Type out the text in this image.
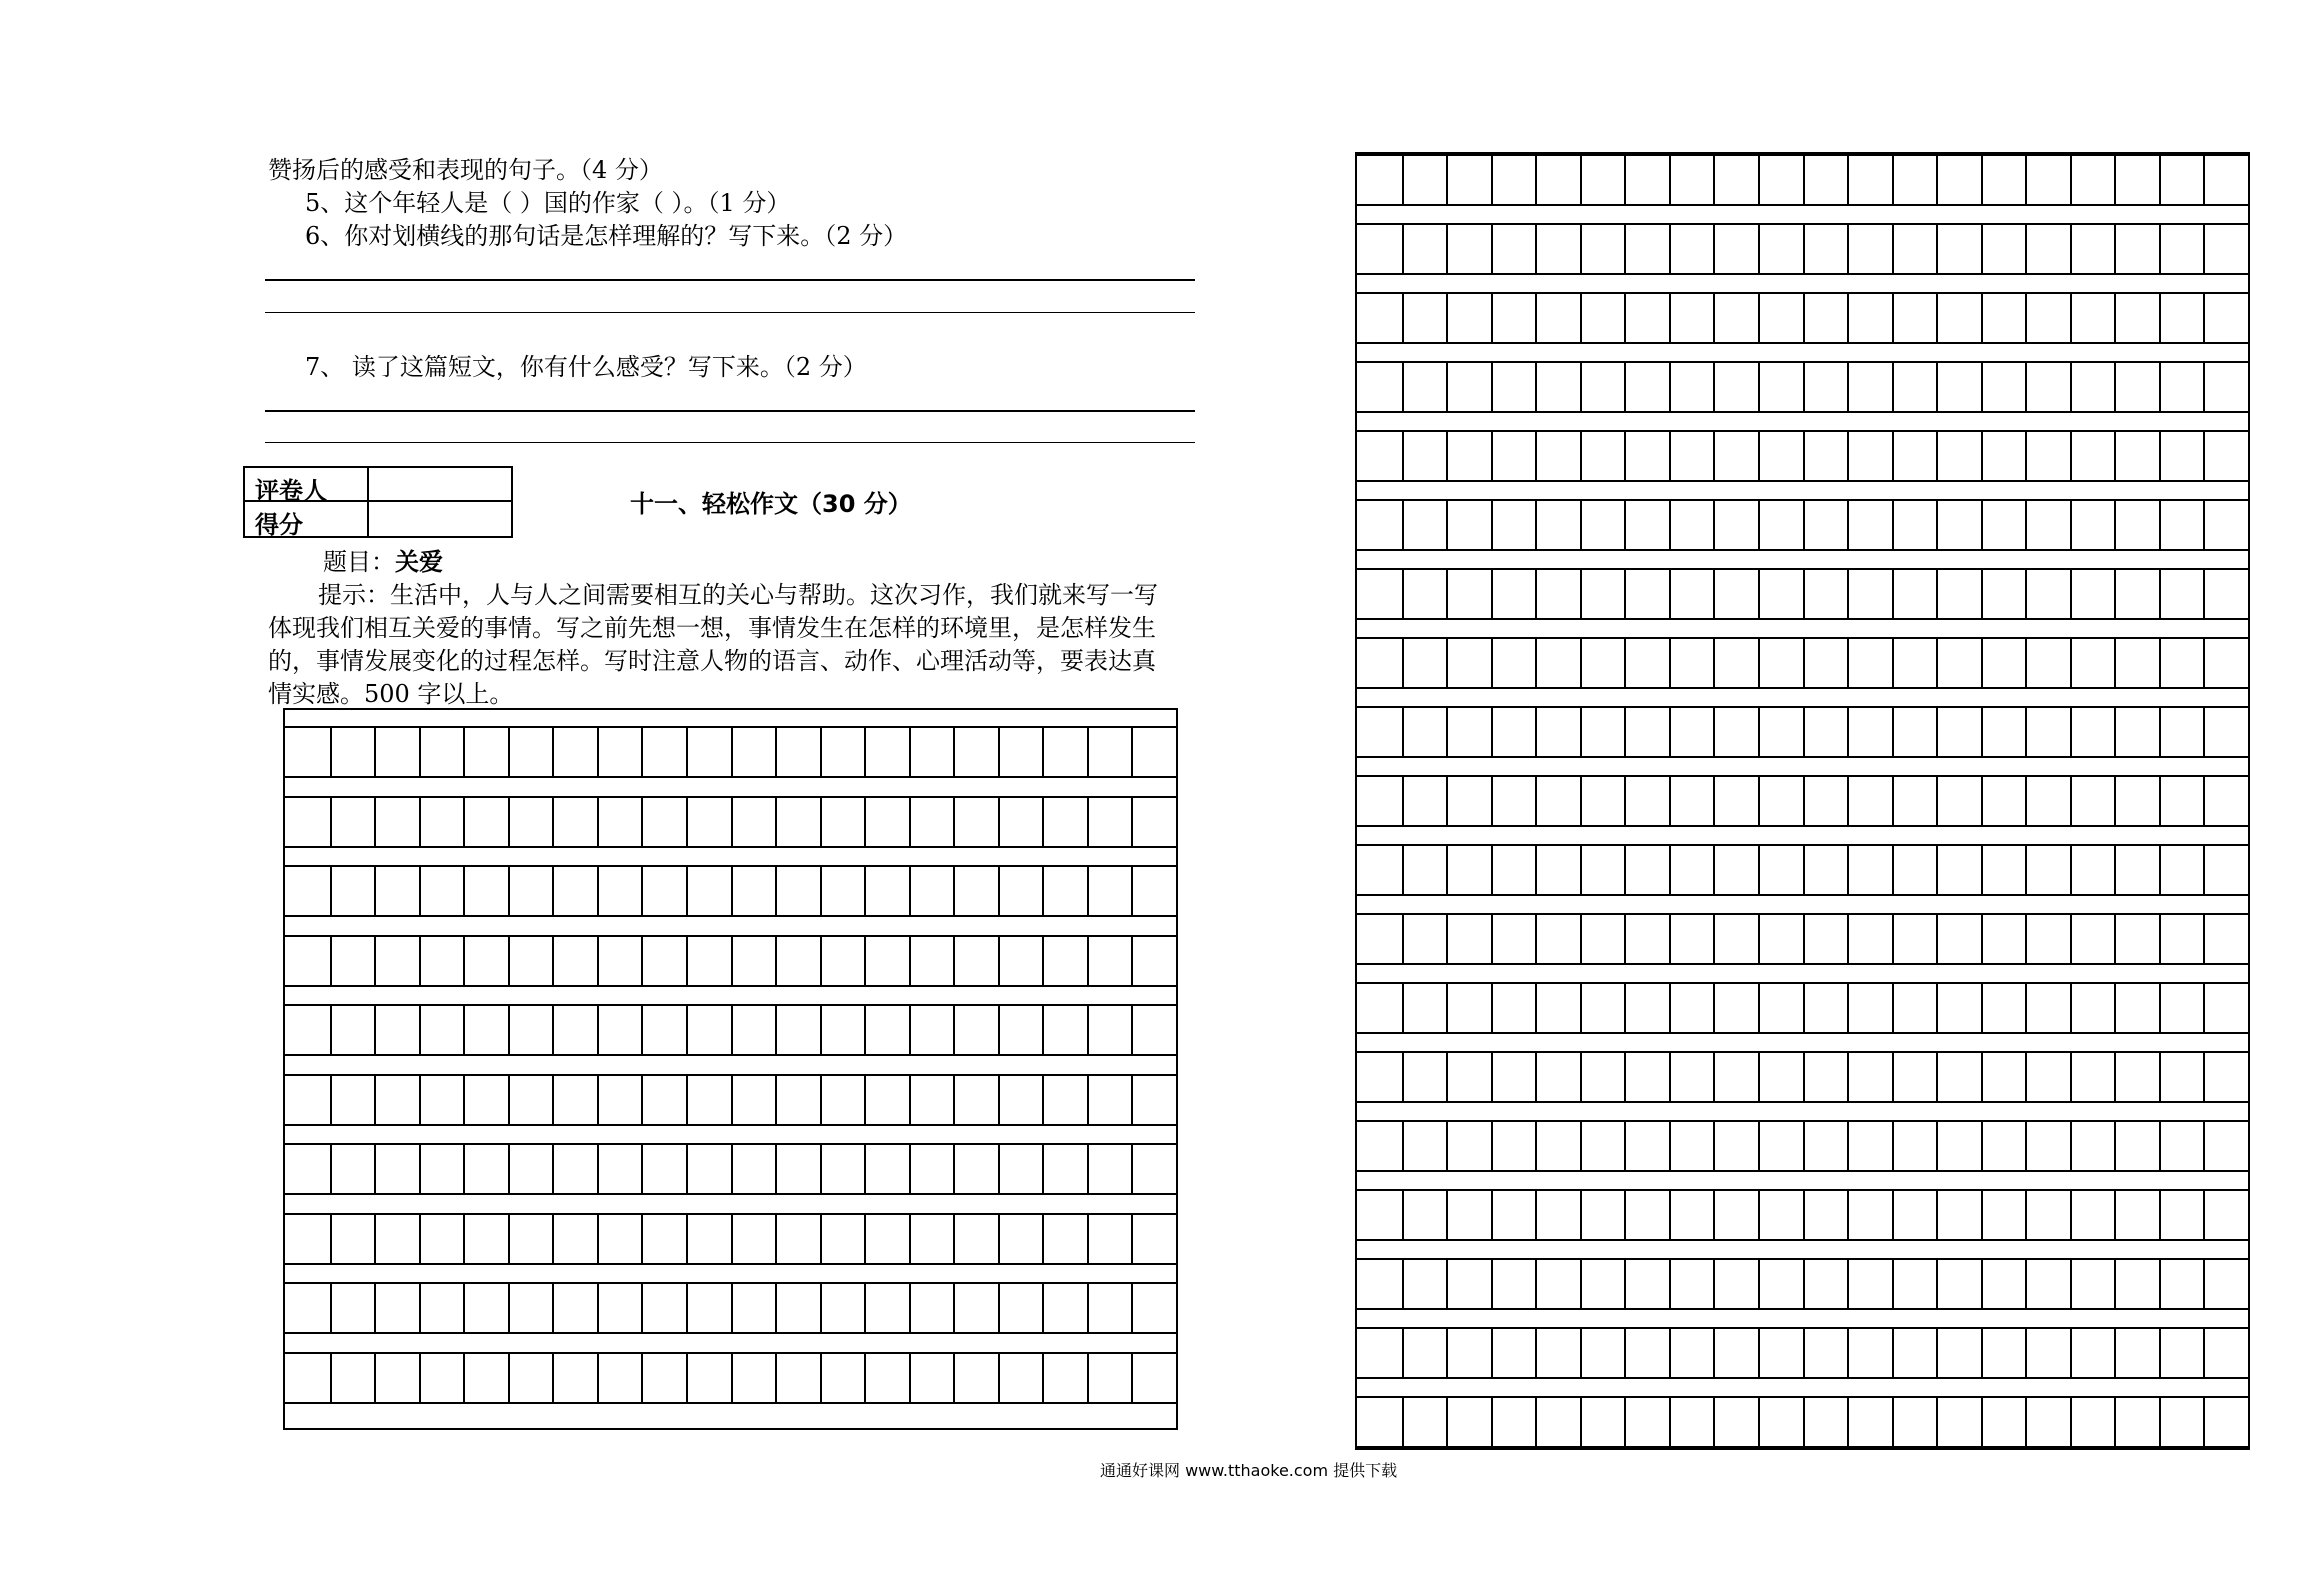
赞扬后的感受和表现的句子。（4 分）
5、这个年轻人是（ ）国的作家（ ）。（1 分）
6、你对划横线的那句话是怎样理解的？写下来。（2 分）
7、 读了这篇短文，你有什么感受？写下来。（2 分）
评卷人
得分
十一、轻松作文（30 分）
题目：关爱
提示：生活中，人与人之间需要相互的关心与帮助。这次习作，我们就来写一写
体现我们相互关爱的事情。写之前先想一想，事情发生在怎样的环境里，是怎样发生
的，事情发展变化的过程怎样。写时注意人物的语言、动作、心理活动等，要表达真
情实感。500 字以上。
通通好课网 www.tthaoke.com 提供下载
